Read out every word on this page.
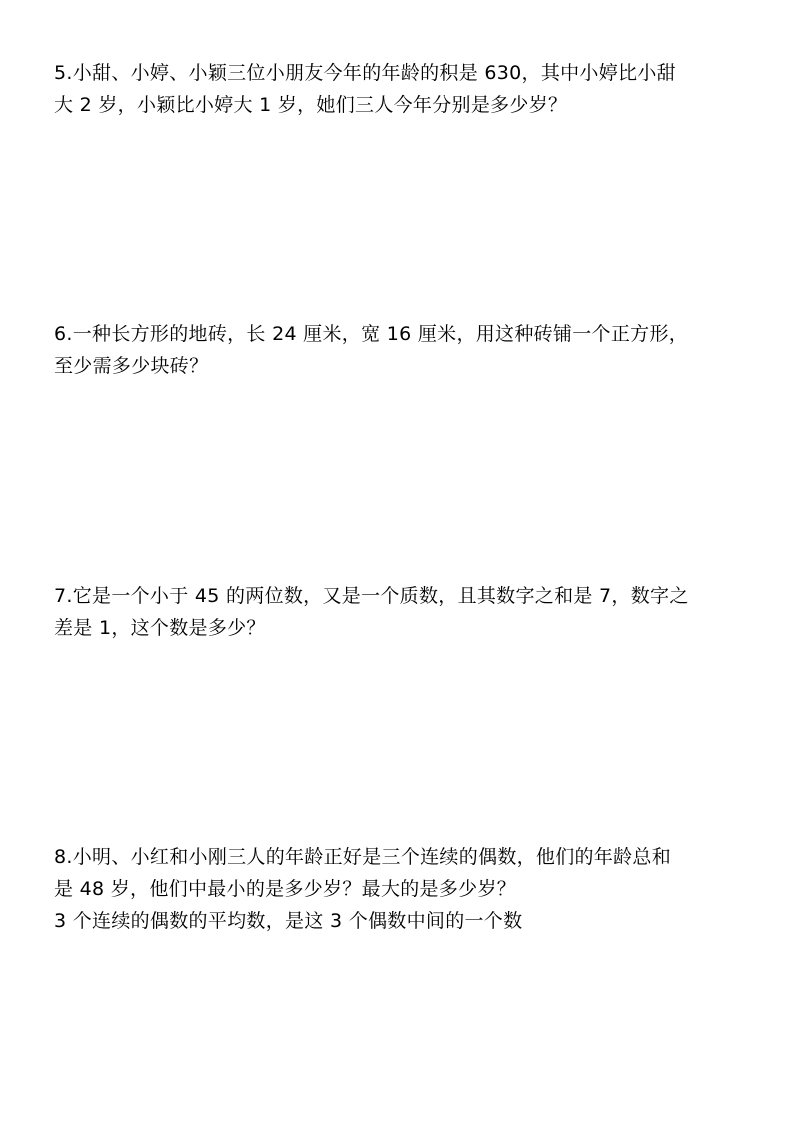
5.小甜、小婷、小颖三位小朋友今年的年龄的积是 630，其中小婷比小甜
大 2 岁，小颖比小婷大 1 岁，她们三人今年分别是多少岁？
6.一种长方形的地砖，长 24 厘米，宽 16 厘米，用这种砖铺一个正方形，
至少需多少块砖？
7.它是一个小于 45 的两位数，又是一个质数，且其数字之和是 7，数字之
差是 1，这个数是多少？
8.小明、小红和小刚三人的年龄正好是三个连续的偶数，他们的年龄总和
是 48 岁，他们中最小的是多少岁？最大的是多少岁？
3 个连续的偶数的平均数，是这 3 个偶数中间的一个数
